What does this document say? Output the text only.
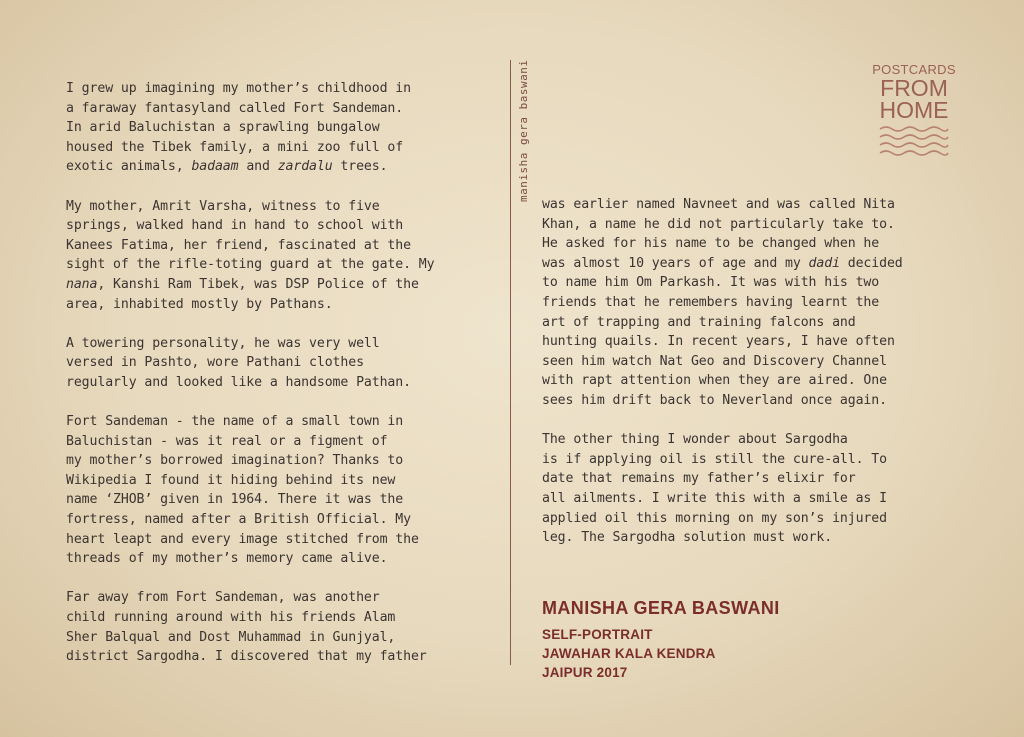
I grew up imagining my mother’s childhood in
a faraway fantasyland called Fort Sandeman.
In arid Baluchistan a sprawling bungalow
housed the Tibek family, a mini zoo full of
exotic animals, badaam and zardalu trees.

My mother, Amrit Varsha, witness to five
springs, walked hand in hand to school with
Kanees Fatima, her friend, fascinated at the
sight of the rifle-toting guard at the gate. My
nana, Kanshi Ram Tibek, was DSP Police of the
area, inhabited mostly by Pathans.

A towering personality, he was very well
versed in Pashto, wore Pathani clothes
regularly and looked like a handsome Pathan.

Fort Sandeman - the name of a small town in
Baluchistan - was it real or a figment of
my mother’s borrowed imagination? Thanks to
Wikipedia I found it hiding behind its new
name ‘ZHOB’ given in 1964. There it was the
fortress, named after a British Official. My
heart leapt and every image stitched from the
threads of my mother’s memory came alive.

Far away from Fort Sandeman, was another
child running around with his friends Alam
Sher Balqual and Dost Muhammad in Gunjyal,
district Sargodha. I discovered that my father

manisha gera baswani	POSTCARDS
FROM
HOME

was earlier named Navneet and was called Nita
Khan, a name he did not particularly take to.
He asked for his name to be changed when he
was almost 10 years of age and my dadi decided
to name him Om Parkash. It was with his two
friends that he remembers having learnt the
art of trapping and training falcons and
hunting quails. In recent years, I have often
seen him watch Nat Geo and Discovery Channel
with rapt attention when they are aired. One
sees him drift back to Neverland once again.

The other thing I wonder about Sargodha
is if applying oil is still the cure-all. To
date that remains my father’s elixir for
all ailments. I write this with a smile as I
applied oil this morning on my son’s injured
leg. The Sargodha solution must work.

MANISHA GERA BASWANI
SELF-PORTRAIT
JAWAHAR KALA KENDRA
JAIPUR 2017
